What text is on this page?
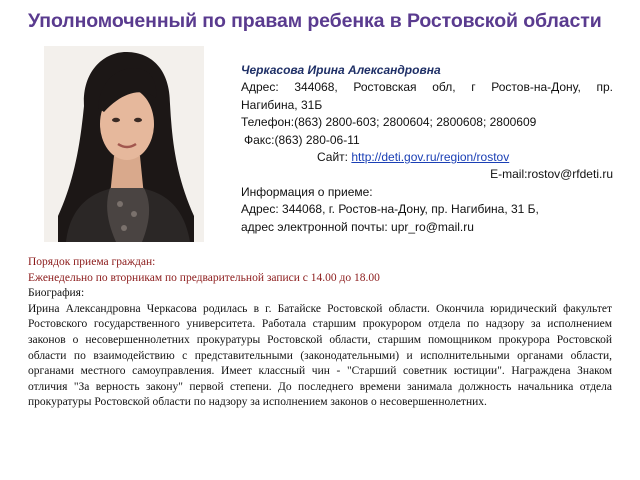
Уполномоченный по правам ребенка в Ростовской области
Черкасова Ирина Александровна
Адрес: 344068, Ростовская обл, г Ростов-на-Дону, пр.
Нагибина, 31Б
Телефон:(863) 2800-603; 2800604; 2800608; 2800609
Факс:(863) 280-06-11
Сайт: http://deti.gov.ru/region/rostov
E-mail:rostov@rfdeti.ru
Информация о приеме:
Адрес: 344068, г. Ростов-на-Дону, пр. Нагибина, 31 Б,
адрес электронной почты: upr_ro@mail.ru
Порядок приема граждан:
Еженедельно по вторникам по предварительной записи с 14.00 до 18.00
Биография:
Ирина Александровна Черкасова родилась в г. Батайске Ростовской области. Окончила юридический факультет Ростовского государственного университета. Работала старшим прокурором отдела по надзору за исполнением законов о несовершеннолетних прокуратуры Ростовской области, старшим помощником прокурора Ростовской области по взаимодействию с представительными (законодательными) и исполнительными органами области, органами местного самоуправления. Имеет классный чин - "Старший советник юстиции". Награждена Знаком отличия "За верность закону" первой степени. До последнего времени занимала должность начальника отдела прокуратуры Ростовской области по надзору за исполнением законов о несовершеннолетних.
